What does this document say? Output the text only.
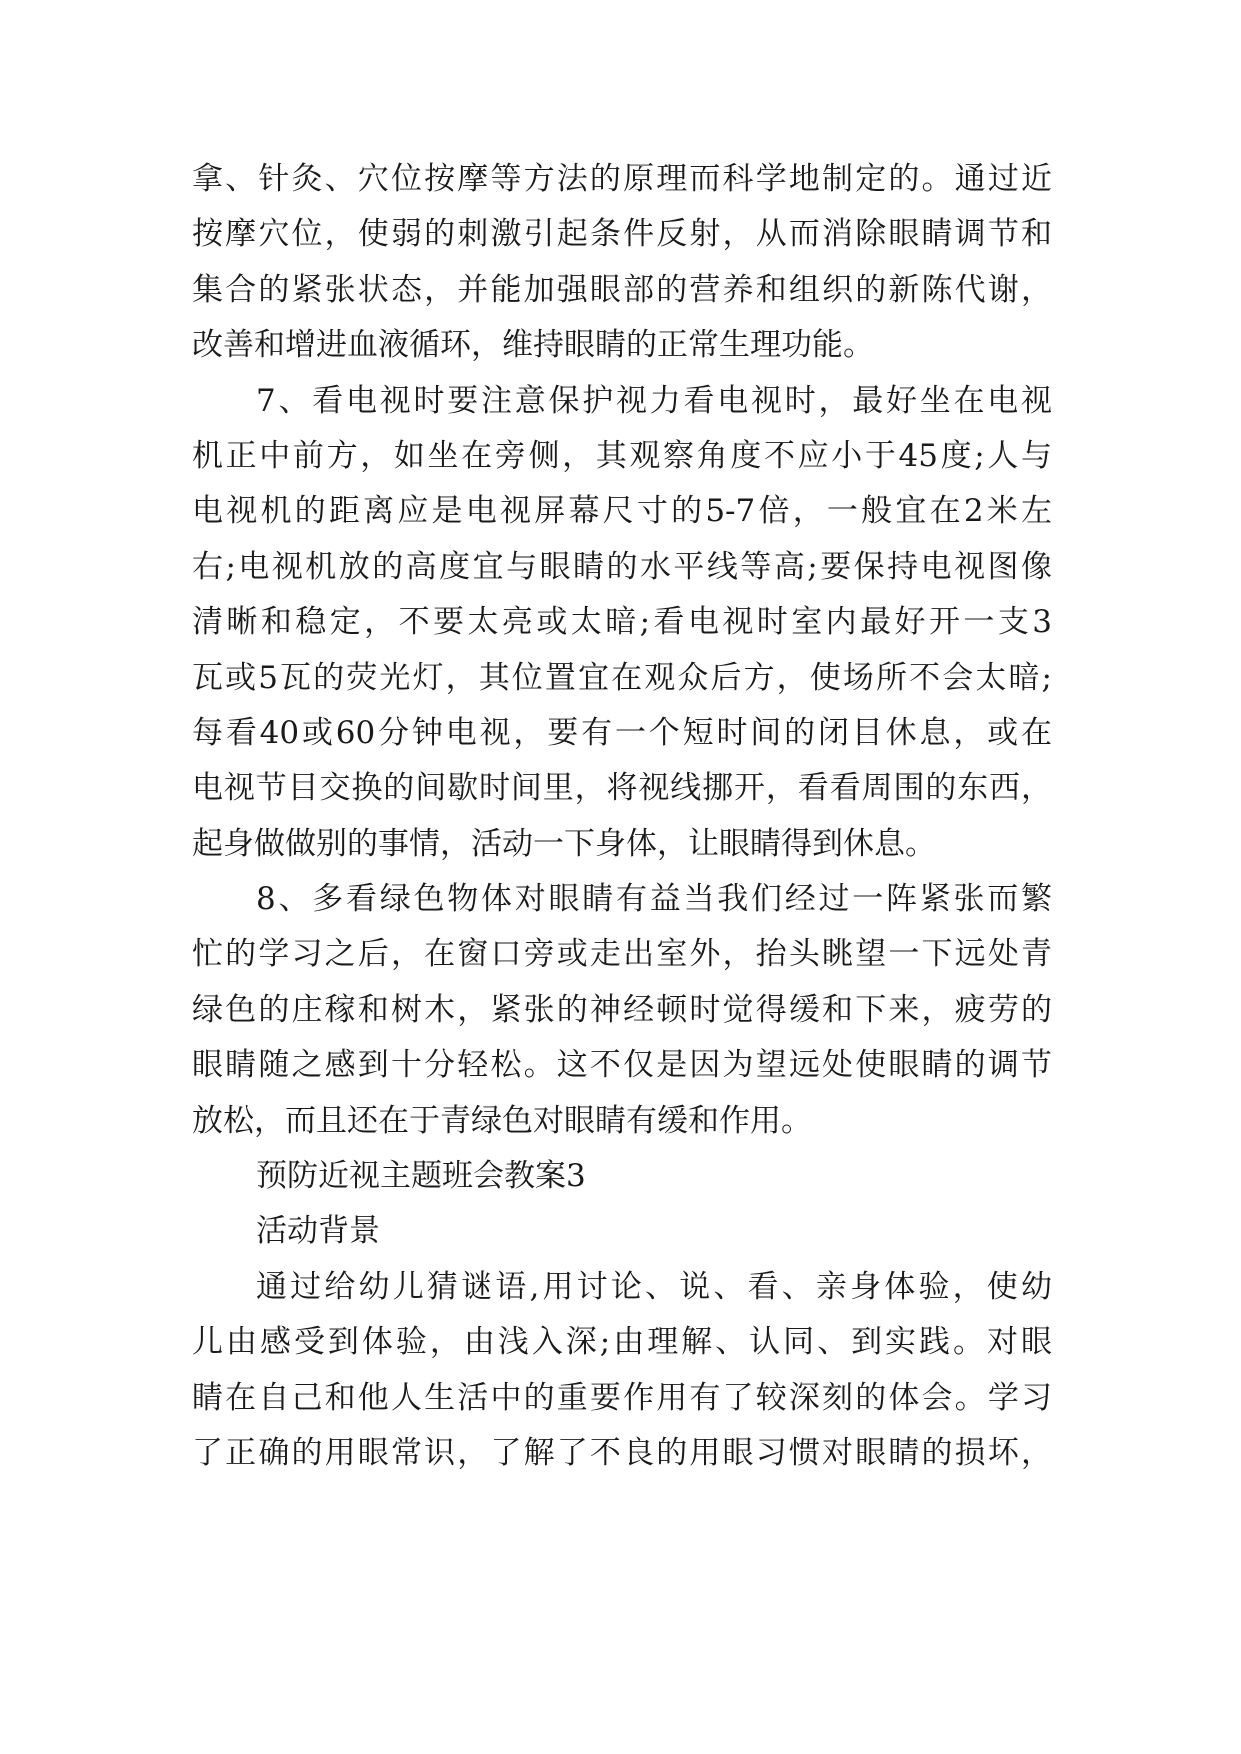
拿、针灸、穴位按摩等方法的原理而科学地制定的。通过近
按摩穴位，使弱的刺激引起条件反射，从而消除眼睛调节和
集合的紧张状态，并能加强眼部的营养和组织的新陈代谢，
改善和增进血液循环，维持眼睛的正常生理功能。
7、看电视时要注意保护视力看电视时，最好坐在电视
机正中前方，如坐在旁侧，其观察角度不应小于45度;人与
电视机的距离应是电视屏幕尺寸的5-7倍，一般宜在2米左
右;电视机放的高度宜与眼睛的水平线等高;要保持电视图像
清晰和稳定，不要太亮或太暗;看电视时室内最好开一支3
瓦或5瓦的荧光灯，其位置宜在观众后方，使场所不会太暗;
每看40或60分钟电视，要有一个短时间的闭目休息，或在
电视节目交换的间歇时间里，将视线挪开，看看周围的东西，
起身做做别的事情，活动一下身体，让眼睛得到休息。
8、多看绿色物体对眼睛有益当我们经过一阵紧张而繁
忙的学习之后，在窗口旁或走出室外，抬头眺望一下远处青
绿色的庄稼和树木，紧张的神经顿时觉得缓和下来，疲劳的
眼睛随之感到十分轻松。这不仅是因为望远处使眼睛的调节
放松，而且还在于青绿色对眼睛有缓和作用。
预防近视主题班会教案3
活动背景
通过给幼儿猜谜语,用讨论、说、看、亲身体验，使幼
儿由感受到体验，由浅入深;由理解、认同、到实践。对眼
睛在自己和他人生活中的重要作用有了较深刻的体会。学习
了正确的用眼常识，了解了不良的用眼习惯对眼睛的损坏，
